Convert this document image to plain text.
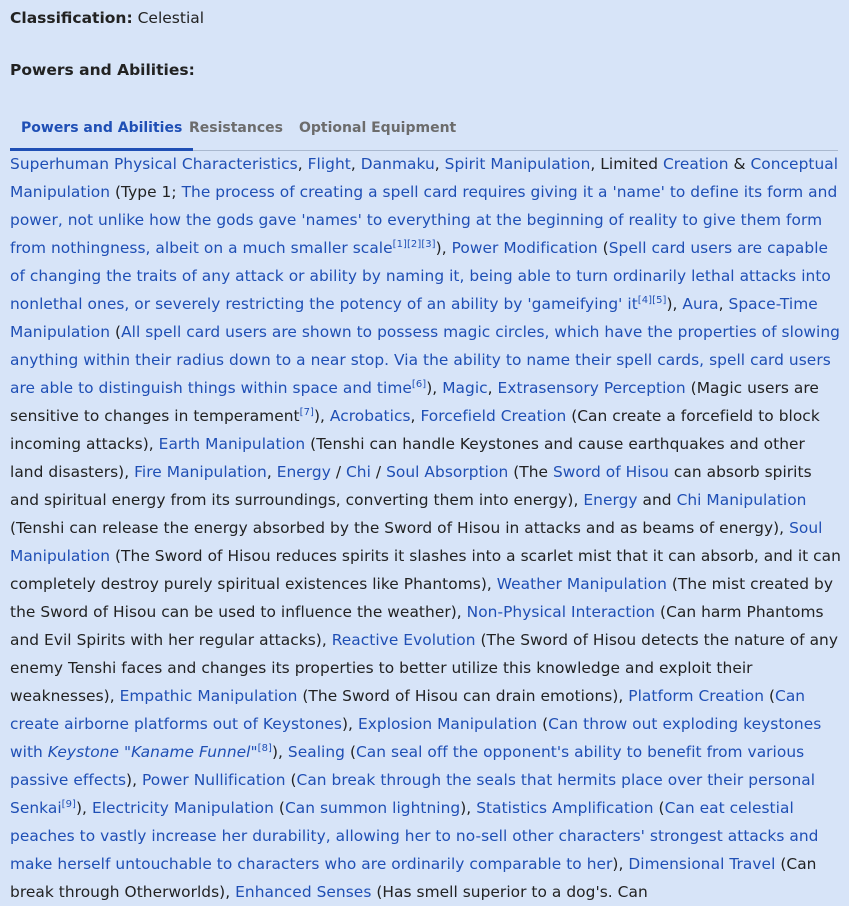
Classification: Celestial
Powers and Abilities:
Powers and Abilities Resistances	Optional Equipment
Superhuman Physical Characteristics, Flight, Danmaku, Spirit Manipulation, Limited Creation & Conceptual Manipulation (Type 1; The process of creating a spell card requires giving it a 'name' to define its form and power, not unlike how the gods gave 'names' to everything at the beginning of reality to give them form from nothingness, albeit on a much smaller scale[1][2][3]), Power Modification (Spell card users are capable of changing the traits of any attack or ability by naming it, being able to turn ordinarily lethal attacks into nonlethal ones, or severely restricting the potency of an ability by 'gameifying' it[4][5]), Aura, Space-Time Manipulation (All spell card users are shown to possess magic circles, which have the properties of slowing anything within their radius down to a near stop. Via the ability to name their spell cards, spell card users are able to distinguish things within space and time[6]), Magic, Extrasensory Perception (Magic users are sensitive to changes in temperament[7]), Acrobatics, Forcefield Creation (Can create a forcefield to block incoming attacks), Earth Manipulation (Tenshi can handle Keystones and cause earthquakes and other land disasters), Fire Manipulation, Energy / Chi / Soul Absorption (The Sword of Hisou can absorb spirits and spiritual energy from its surroundings, converting them into energy), Energy and Chi Manipulation (Tenshi can release the energy absorbed by the Sword of Hisou in attacks and as beams of energy), Soul Manipulation (The Sword of Hisou reduces spirits it slashes into a scarlet mist that it can absorb, and it can completely destroy purely spiritual existences like Phantoms), Weather Manipulation (The mist created by the Sword of Hisou can be used to influence the weather), Non-Physical Interaction (Can harm Phantoms and Evil Spirits with her regular attacks), Reactive Evolution (The Sword of Hisou detects the nature of any enemy Tenshi faces and changes its properties to better utilize this knowledge and exploit their weaknesses), Empathic Manipulation (The Sword of Hisou can drain emotions), Platform Creation (Can create airborne platforms out of Keystones), Explosion Manipulation (Can throw out exploding keystones with Keystone "Kaname Funnel"[8]), Sealing (Can seal off the opponent's ability to benefit from various passive effects), Power Nullification (Can break through the seals that hermits place over their personal Senkai[9]), Electricity Manipulation (Can summon lightning), Statistics Amplification (Can eat celestial peaches to vastly increase her durability, allowing her to no-sell other characters' strongest attacks and make herself untouchable to characters who are ordinarily comparable to her), Dimensional Travel (Can break through Otherworlds), Enhanced Senses (Has smell superior to a dog's. Can
